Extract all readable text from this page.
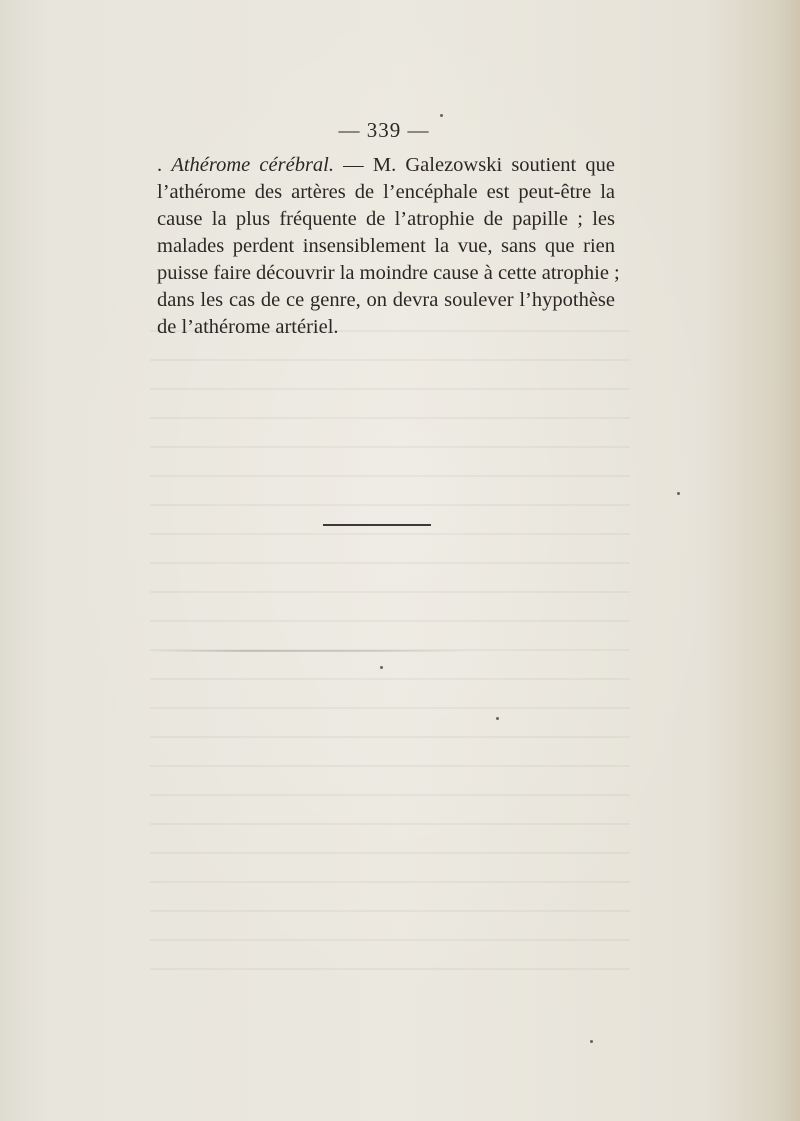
— 339 —
. Athérome cérébral. — M. Galezowski soutient que
l’athérome des artères de l’encéphale est peut-être la
cause la plus fréquente de l’atrophie de papille ; les
malades perdent insensiblement la vue, sans que rien
puisse faire découvrir la moindre cause à cette atrophie ;
dans les cas de ce genre, on devra soulever l’hypothèse
de l’athérome artériel.
